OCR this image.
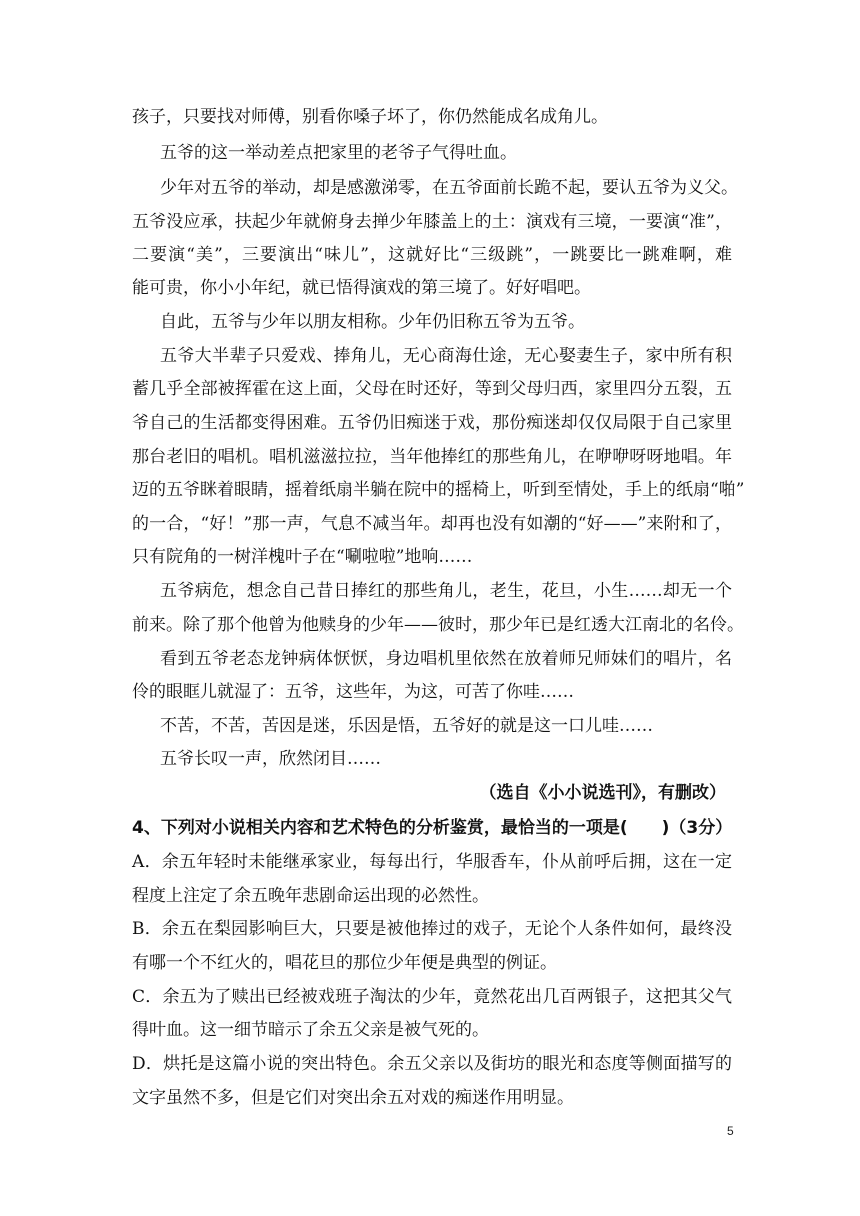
孩子，只要找对师傅，别看你嗓子坏了，你仍然能成名成角儿。
五爷的这一举动差点把家里的老爷子气得吐血。
少年对五爷的举动，却是感激涕零，在五爷面前长跪不起，要认五爷为义父。
五爷没应承，扶起少年就俯身去掸少年膝盖上的土：演戏有三境，一要演“准”，
二要演“美”，三要演出“味儿”，这就好比“三级跳”，一跳要比一跳难啊，难
能可贵，你小小年纪，就已悟得演戏的第三境了。好好唱吧。
自此，五爷与少年以朋友相称。少年仍旧称五爷为五爷。
五爷大半辈子只爱戏、捧角儿，无心商海仕途，无心娶妻生子，家中所有积
蓄几乎全部被挥霍在这上面，父母在时还好，等到父母归西，家里四分五裂，五
爷自己的生活都变得困难。五爷仍旧痴迷于戏，那份痴迷却仅仅局限于自己家里
那台老旧的唱机。唱机滋滋拉拉，当年他捧红的那些角儿，在咿咿呀呀地唱。年
迈的五爷眯着眼睛，摇着纸扇半躺在院中的摇椅上，听到至情处，手上的纸扇“啪”
的一合，“好！”那一声，气息不减当年。却再也没有如潮的“好——”来附和了，
只有院角的一树洋槐叶子在“唰啦啦”地响……
五爷病危，想念自己昔日捧红的那些角儿，老生，花旦，小生……却无一个
前来。除了那个他曾为他赎身的少年——彼时，那少年已是红透大江南北的名伶。
看到五爷老态龙钟病体恹恹，身边唱机里依然在放着师兄师妹们的唱片，名
伶的眼眶儿就湿了：五爷，这些年，为这，可苦了你哇……
不苦，不苦，苦因是迷，乐因是悟，五爷好的就是这一口儿哇……
五爷长叹一声，欣然闭目……
（选自《小小说选刊》，有删改）
4、下列对小说相关内容和艺术特色的分析鉴赏，最恰当的一项是(　　)（3分）
A．余五年轻时未能继承家业，每每出行，华服香车，仆从前呼后拥，这在一定
程度上注定了余五晚年悲剧命运出现的必然性。
B．余五在梨园影响巨大，只要是被他捧过的戏子，无论个人条件如何，最终没
有哪一个不红火的，唱花旦的那位少年便是典型的例证。
C．余五为了赎出已经被戏班子淘汰的少年，竟然花出几百两银子，这把其父气
得叶血。这一细节暗示了余五父亲是被气死的。
D．烘托是这篇小说的突出特色。余五父亲以及街坊的眼光和态度等侧面描写的
文字虽然不多，但是它们对突出余五对戏的痴迷作用明显。
5
